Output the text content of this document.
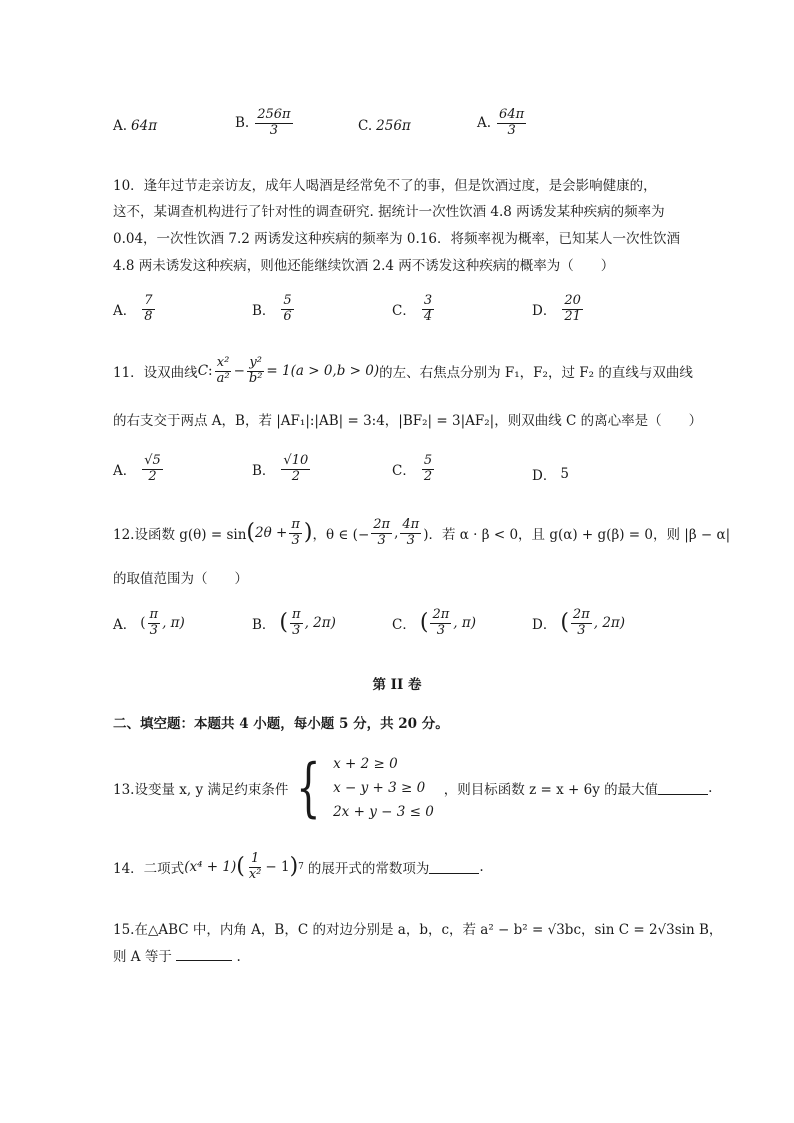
A. 64π	B. $\frac{256\pi}{3}$	C. 256π	A. $\frac{64\pi}{3}$
10．逢年过节走亲访友，成年人喝酒是经常免不了的事，但是饮酒过度，是会影响健康的，
这不，某调查机构进行了针对性的调查研究. 据统计一次性饮酒 4.8 两诱发某种疾病的频率为
0.04，一次性饮酒 7.2 两诱发这种疾病的频率为 0.16．将频率视为概率，已知某人一次性饮酒
4.8 两未诱发这种疾病，则他还能继续饮酒 2.4 两不诱发这种疾病的概率为（　　）
A． $\frac{7}{8}$	B． $\frac{5}{6}$	C． $\frac{3}{4}$	D． $\frac{20}{21}$
11．设双曲线 C : $\frac{\text{x²}}{\text{a²}} - \frac{\text{y²}}{\text{b²}} = 1(a > 0,b > 0)$ 的左、右焦点分别为 F₁，F₂，过 F₂ 的直线与双曲线
的右支交于两点 A，B，若 |AF₁|:|AB| = 3:4，|BF₂| = 3|AF₂|，则双曲线 C 的离心率是（　　）
A． $\frac{√5}{2}$	B． $\frac{√10}{2}$	C． $\frac{5}{2}$	D． 5
12.设函数 g(θ) = sin ( $2\theta + \frac{\pi}{3}$ ) ，θ ∈ (− $\frac{2\pi}{3}$ , $\frac{4\pi}{3}$ )．若 α · β < 0，且 g(α) + g(β) = 0，则 |β − α|
的取值范围为（　　）
A． ( $\frac{\pi}{3}$ , π)	B． ( $\frac{\pi}{3}$ , 2π)	C． ( $\frac{2\pi}{3}$ , π)	D． ( $\frac{2\pi}{3}$ , 2π)
第 II 卷
二、填空题：本题共 4 小题，每小题 5 分，共 20 分。
13.设变量 x, y 满足约束条件 { x + 2 ≥ 0
x − y + 3 ≥ 0
2x + y − 3 ≤ 0
，则目标函数 z = x + 6y 的最大值	.
14．二项式 (x⁴ + 1) ( $\frac{1}{\text{x²}} - 1$ ) 7 的展开式的常数项为	.
15.在△ABC 中，内角 A，B，C 的对边分别是 a，b，c，若 a² − b² = √3bc，sin C = 2√3sin B，
则 A 等于	.
